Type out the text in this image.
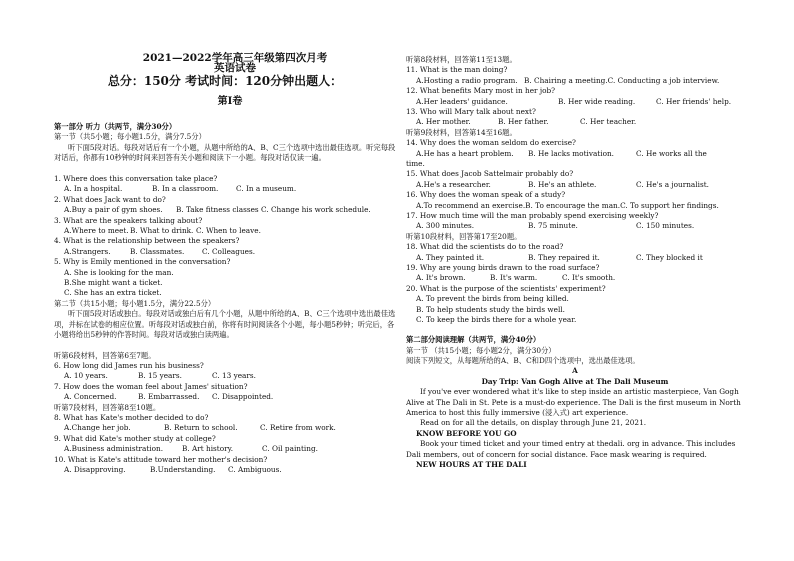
2021—2022学年高三年级第四次月考
英语试卷
总分：150分 考试时间：120分钟出题人：
第I卷
第一部分 听力（共两节，满分30分）
第一节（共5小题；每小题1.5分，满分7.5分）
听下面5段对话。每段对话后有一个小题，从题中所给的A、B、C三个选项中选出最佳选项。听完每段对话后，你都有10秒钟的时间来回答有关小题和阅读下一小题。每段对话仅读一遍。
1. Where does this conversation take place?
A. In a hospital.	B. In a classroom.	C. In a museum.
2. What does Jack want to do?
A.Buy a pair of gym shoes.	B. Take fitness classes C. Change his work schedule.
3. What are the speakers talking about?
A.Where to meet. B. What to drink. C. When to leave.
4. What is the relationship between the speakers?
A.Strangers.	B. Classmates.	C. Colleagues.
5. Why is Emily mentioned in the conversation?
A. She is looking for the man.
B.She might want a ticket.
C. She has an extra ticket.
第二节（共15小题；每小题1.5分，满分22.5分）
听下面5段对话或独白。每段对话或独白后有几个小题，从题中所给的A、B、C三个选项中选出最佳选项，并标在试卷的相应位置。听每段对话或独白前，你将有时间阅读各个小题，每小题5秒钟；听完后，各小题将给出5秒钟的作答时间。每段对话或独白读两遍。
听第6段材料，回答第6至7题。
6. How long did James run his business?
A. 10 years.	B. 15 years.	C. 13 years.
7. How does the woman feel about James' situation?
A. Concerned.	B. Embarrassed.	C. Disappointed.
听第7段材料，回答第8至10题。
8. What has Kate's mother decided to do?
A.Change her job.	B. Return to school.	C. Retire from work.
9. What did Kate's mother study at college?
A.Business administration.	B. Art history.	C. Oil painting.
10. What is Kate's attitude toward her mother's decision?
A. Disapproving.	B.Understanding.	C. Ambiguous.
听第8段材料，回答第11至13题。
11. What is the man doing?
A.Hosting a radio program. B. Chairing a meeting.C. Conducting a job interview.
12. What benefits Mary most in her job?
A.Her leaders' guidance.	B. Her wide reading.	C. Her friends' help.
13. Who will Mary talk about next?
A. Her mother.	B. Her father.	C. Her teacher.
听第9段材料，回答第14至16题。
14. Why does the woman seldom do exercise?
A.He has a heart problem.	B. He lacks motivation.	C. He works all the
time.
15. What does Jacob Sattelmair probably do?
A.He's a researcher.	B. He's an athlete.	C. He's a journalist.
16. Why does the woman speak of a study?
A.To recommend an exercise.B. To encourage the man.C. To support her findings.
17. How much time will the man probably spend exercising weekly?
A. 300 minutes.	B. 75 minute.	C. 150 minutes.
听第10段材料，回答第17至20题。
18. What did the scientists do to the road?
A. They painted it.	B. They repaired it.	C. They blocked it
19. Why are young birds drawn to the road surface?
A. It's brown.	B. It's warm.	C. It's smooth.
20. What is the purpose of the scientists' experiment?
A. To prevent the birds from being killed.
B. To help students study the birds well.
C. To keep the birds there for a whole year.
第二部分阅读理解（共两节，满分40分）
第一节 （共15小题；每小题2分，满分30分）
阅读下列短文，从每题所给的A、B、C和D四个选项中，选出最佳选项。
A
Day Trip: Van Gogh Alive at The Dali Museum
If you've ever wondered what it's like to step inside an artistic masterpiece, Van Gogh Alive at The Dali in St. Pete is a must-do experience. The Dali is the first museum in North America to host this fully immersive (浸入式) art experience.
Read on for all the details, on display through June 21, 2021.
KNOW BEFORE YOU GO
Book your timed ticket and your timed entry at thedali. org in advance. This includes Dali members, out of concern for social distance. Face mask wearing is required.
NEW HOURS AT THE DALI
